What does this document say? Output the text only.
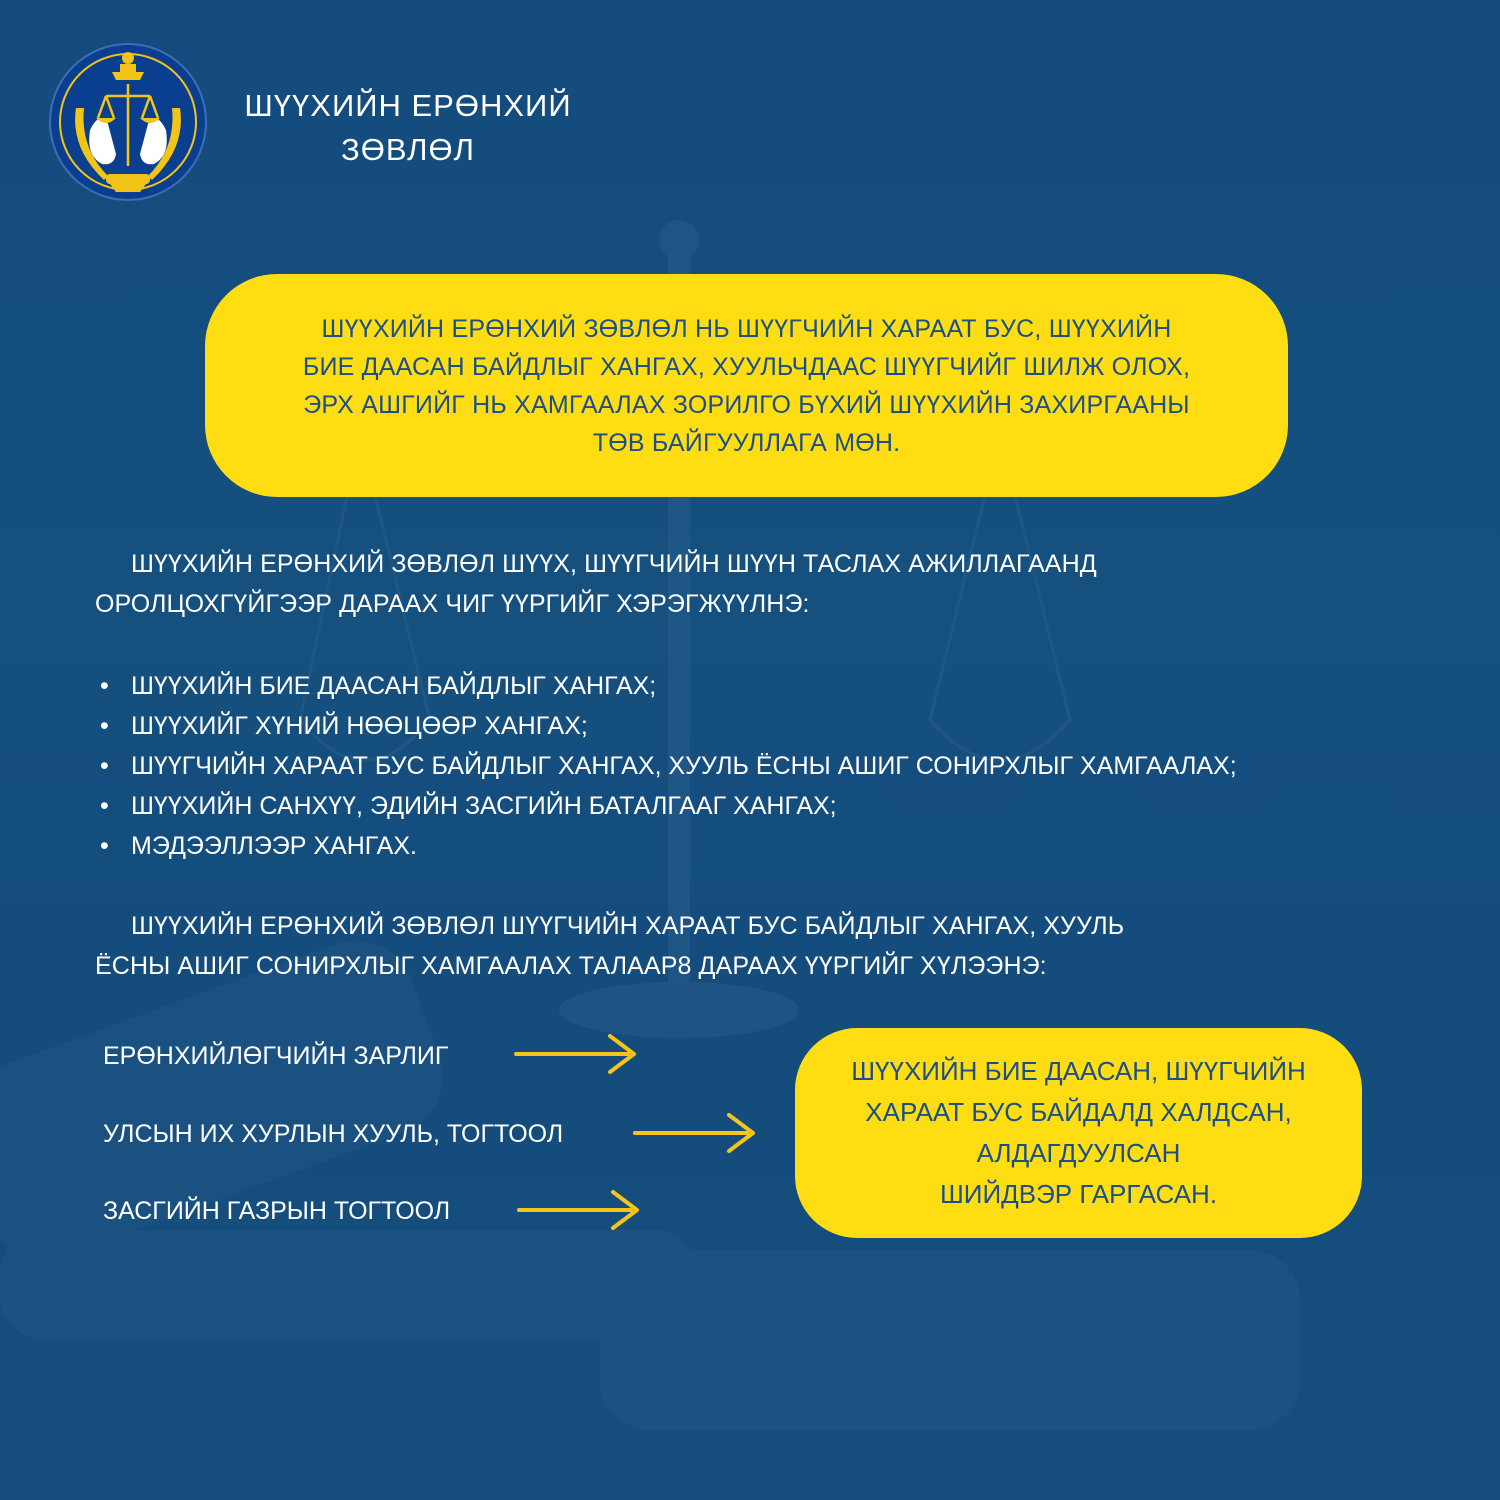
ШҮҮХИЙН ЕРӨНХИЙ
ЗӨВЛӨЛ
ШҮҮХИЙН ЕРӨНХИЙ ЗӨВЛӨЛ НЬ ШҮҮГЧИЙН ХАРААТ БУС, ШҮҮХИЙН
БИЕ ДААСАН БАЙДЛЫГ ХАНГАХ, ХУУЛЬЧДААС ШҮҮГЧИЙГ ШИЛЖ ОЛОХ,
ЭРХ АШГИЙГ НЬ ХАМГААЛАХ ЗОРИЛГО БҮХИЙ ШҮҮХИЙН ЗАХИРГААНЫ
ТӨВ БАЙГУУЛЛАГА МӨН.
ШҮҮХИЙН ЕРӨНХИЙ ЗӨВЛӨЛ ШҮҮХ, ШҮҮГЧИЙН ШҮҮН ТАСЛАХ АЖИЛЛАГААНД
ОРОЛЦОХГҮЙГЭЭР ДАРААХ ЧИГ ҮҮРГИЙГ ХЭРЭГЖҮҮЛНЭ:
• ШҮҮХИЙН БИЕ ДААСАН БАЙДЛЫГ ХАНГАХ;
• ШҮҮХИЙГ ХҮНИЙ НӨӨЦӨӨР ХАНГАХ;
• ШҮҮГЧИЙН ХАРААТ БУС БАЙДЛЫГ ХАНГАХ, ХУУЛЬ ЁСНЫ АШИГ СОНИРХЛЫГ ХАМГААЛАХ;
• ШҮҮХИЙН САНХҮҮ, ЭДИЙН ЗАСГИЙН БАТАЛГААГ ХАНГАХ;
• МЭДЭЭЛЛЭЭР ХАНГАХ.
ШҮҮХИЙН ЕРӨНХИЙ ЗӨВЛӨЛ ШҮҮГЧИЙН ХАРААТ БУС БАЙДЛЫГ ХАНГАХ, ХУУЛЬ
ЁСНЫ АШИГ СОНИРХЛЫГ ХАМГААЛАХ ТАЛААР8 ДАРААХ ҮҮРГИЙГ ХҮЛЭЭНЭ:
ЕРӨНХИЙЛӨГЧИЙН ЗАРЛИГ
УЛСЫН ИХ ХУРЛЫН ХУУЛЬ, ТОГТООЛ
ЗАСГИЙН ГАЗРЫН ТОГТООЛ
ШҮҮХИЙН БИЕ ДААСАН, ШҮҮГЧИЙН
ХАРААТ БУС БАЙДАЛД ХАЛДСАН,
АЛДАГДУУЛСАН
ШИЙДВЭР ГАРГАСАН.
